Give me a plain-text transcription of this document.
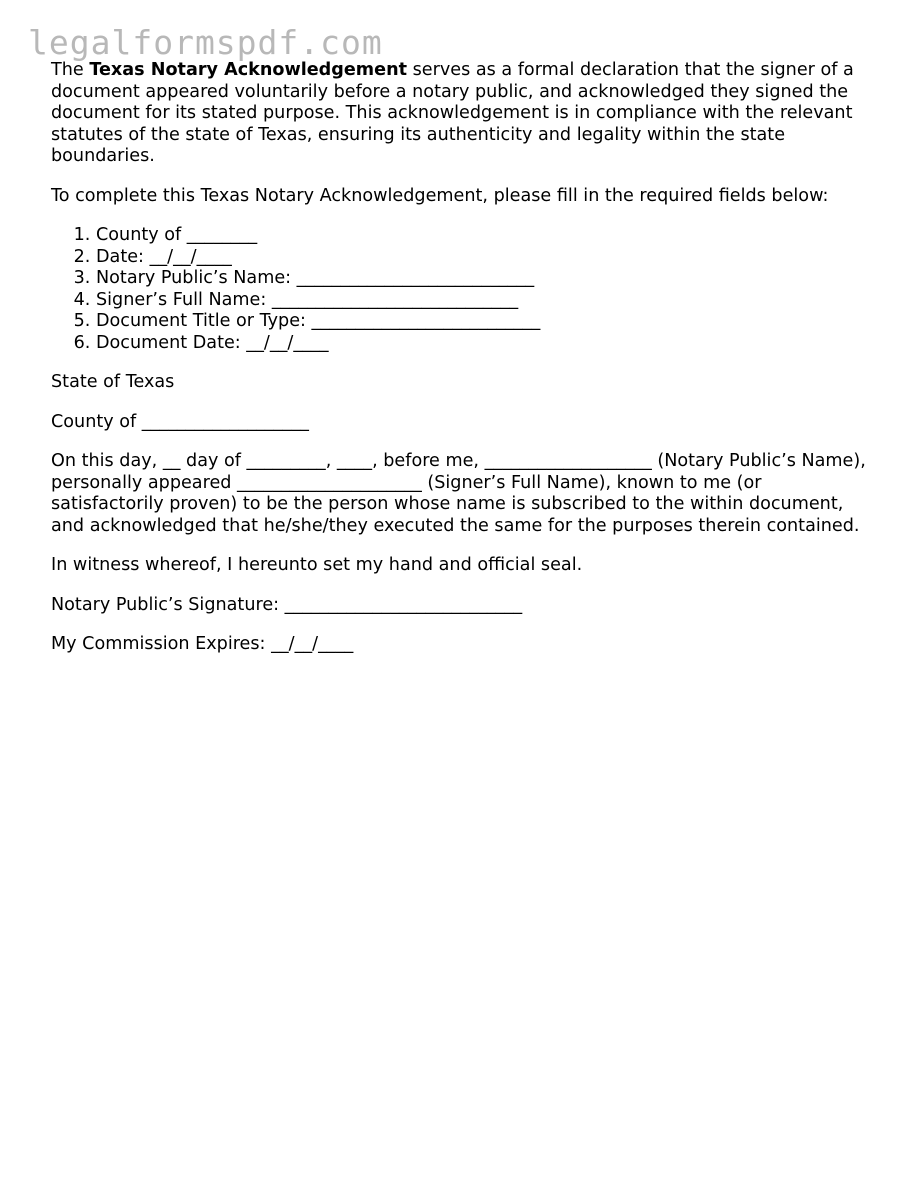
legalformspdf.com

The Texas Notary Acknowledgement serves as a formal declaration that the signer of a document appeared voluntarily before a notary public, and acknowledged they signed the document for its stated purpose. This acknowledgement is in compliance with the relevant statutes of the state of Texas, ensuring its authenticity and legality within the state boundaries.

To complete this Texas Notary Acknowledgement, please fill in the required fields below:

1. County of ________
2. Date: __/__/____
3. Notary Public’s Name: ___________________________
4. Signer’s Full Name: ____________________________
5. Document Title or Type: __________________________
6. Document Date: __/__/____

State of Texas

County of ___________________

On this day, __ day of _________, ____, before me, ___________________ (Notary Public’s Name), personally appeared _____________________ (Signer’s Full Name), known to me (or satisfactorily proven) to be the person whose name is subscribed to the within document, and acknowledged that he/she/they executed the same for the purposes therein contained.

In witness whereof, I hereunto set my hand and official seal.

Notary Public’s Signature: ___________________________

My Commission Expires: __/__/____
